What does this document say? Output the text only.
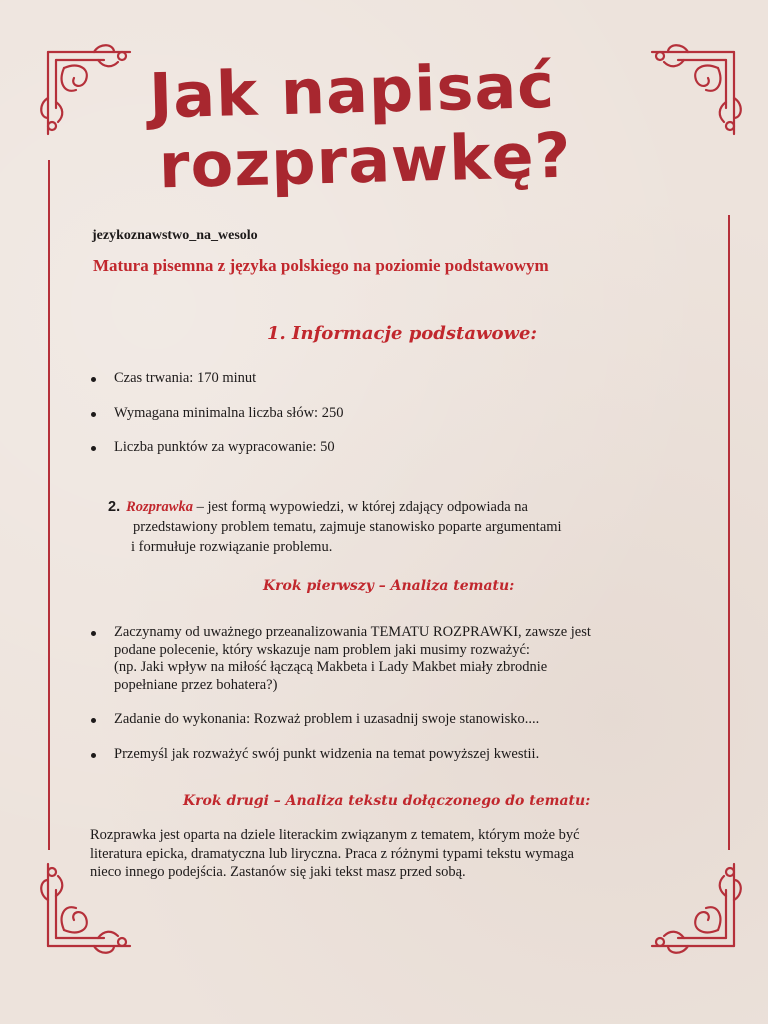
Jak napisać
rozprawkę?
jezykoznawstwo_na_wesolo
Matura pisemna z języka polskiego na poziomie podstawowym
1. Informacje podstawowe:
Czas trwania: 170 minut
Wymagana minimalna liczba słów: 250
Liczba punktów za wypracowanie: 50
2. Rozprawka – jest formą wypowiedzi, w której zdający odpowiada na
przedstawiony problem tematu, zajmuje stanowisko poparte argumentami
i formułuje rozwiązanie problemu.
Krok pierwszy – Analiza tematu:
Zaczynamy od uważnego przeanalizowania TEMATU ROZPRAWKI, zawsze jest
podane polecenie, który wskazuje nam problem jaki musimy rozważyć:
(np. Jaki wpływ na miłość łączącą Makbeta i Lady Makbet miały zbrodnie
popełniane przez bohatera?)
Zadanie do wykonania: Rozważ problem i uzasadnij swoje stanowisko....
Przemyśl jak rozważyć swój punkt widzenia na temat powyższej kwestii.
Krok drugi – Analiza tekstu dołączonego do tematu:

Rozprawka jest oparta na dziele literackim związanym z tematem, którym może być
literatura epicka, dramatyczna lub liryczna. Praca z różnymi typami tekstu wymaga
nieco innego podejścia. Zastanów się jaki tekst masz przed sobą.
